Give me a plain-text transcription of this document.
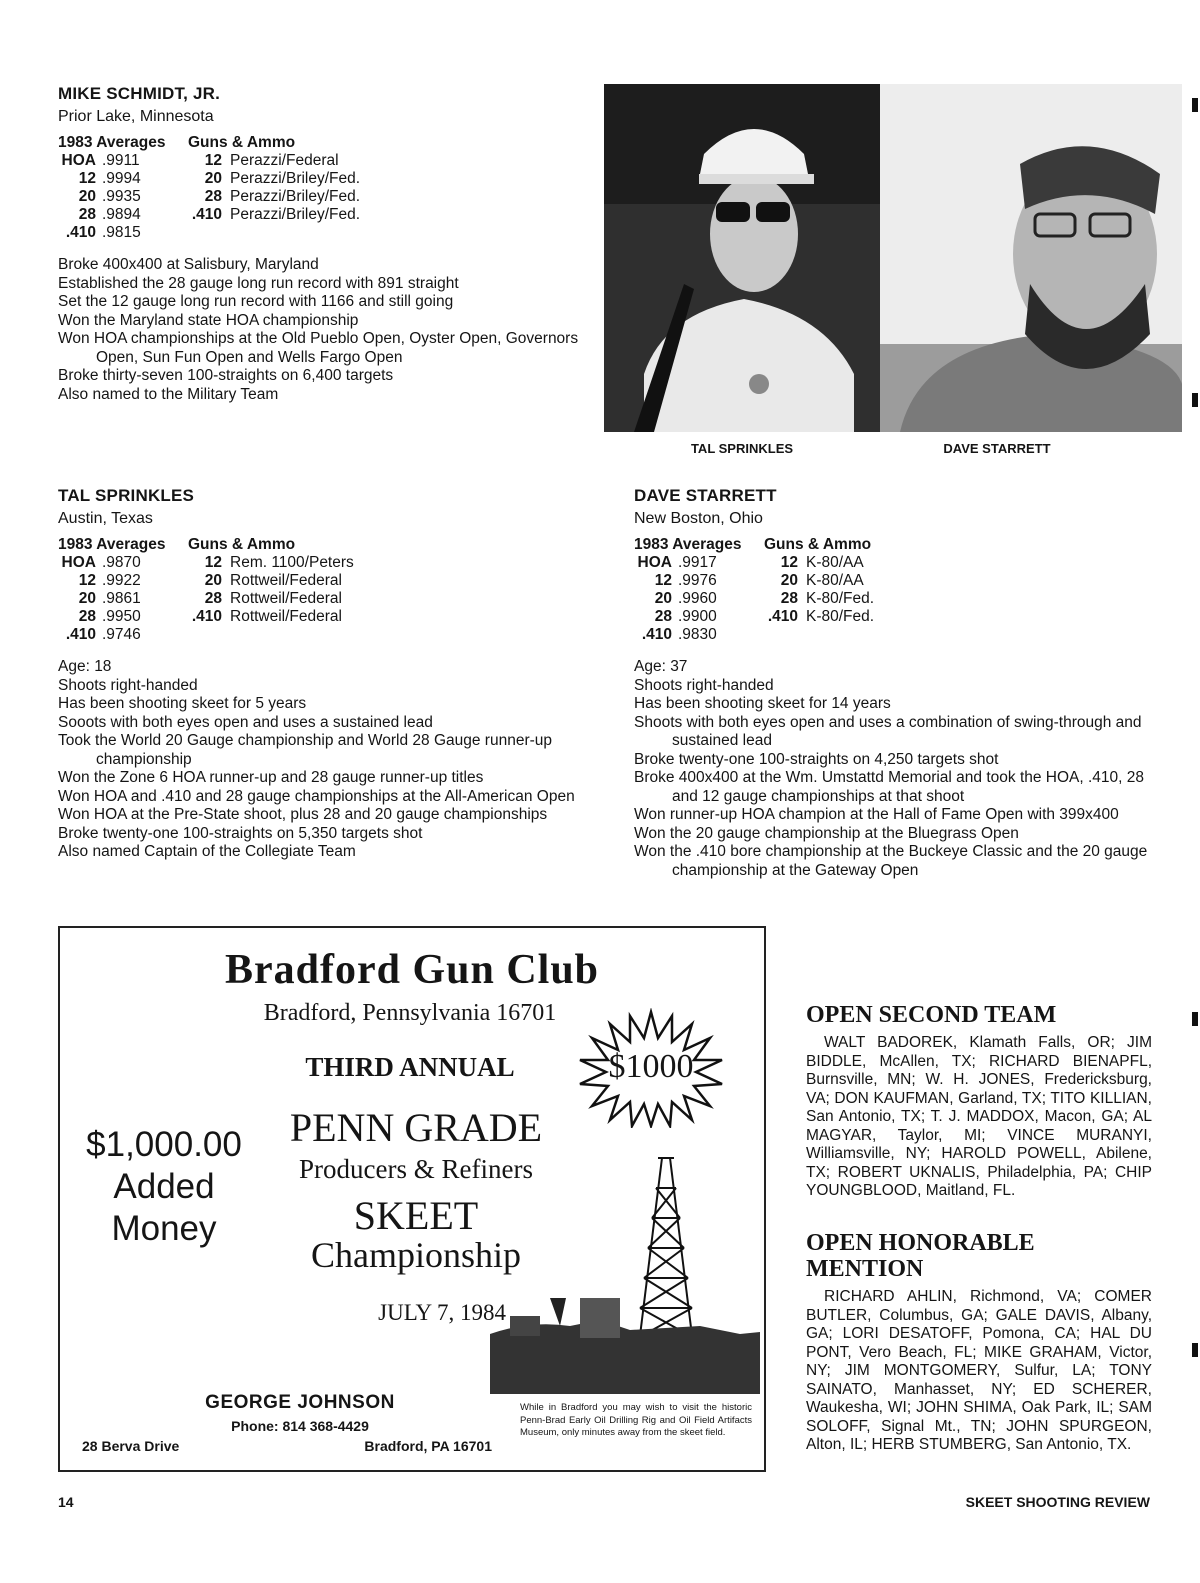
MIKE SCHMIDT, JR.
Prior Lake, Minnesota
1983 Averages		Guns & Ammo	
HOA	.9911	12	Perazzi/Federal
12	.9994	20	Perazzi/Briley/Fed.
20	.9935	28	Perazzi/Briley/Fed.
28	.9894	.410	Perazzi/Briley/Fed.
.410	.9815		
Broke 400x400 at Salisbury, Maryland
Established the 28 gauge long run record with 891 straight
Set the 12 gauge long run record with 1166 and still going
Won the Maryland state HOA championship
Won HOA championships at the Old Pueblo Open, Oyster Open, Governors Open, Sun Fun Open and Wells Fargo Open
Broke thirty-seven 100-straights on 6,400 targets
Also named to the Military Team
TAL SPRINKLES	DAVE STARRETT
TAL SPRINKLES
Austin, Texas
1983 Averages		Guns & Ammo	
HOA	.9870	12	Rem. 1100/Peters
12	.9922	20	Rottweil/Federal
20	.9861	28	Rottweil/Federal
28	.9950	.410	Rottweil/Federal
.410	.9746		
Age: 18
Shoots right-handed
Has been shooting skeet for 5 years
Sooots with both eyes open and uses a sustained lead
Took the World 20 Gauge championship and World 28 Gauge runner-up championship
Won the Zone 6 HOA runner-up and 28 gauge runner-up titles
Won HOA and .410 and 28 gauge championships at the All-American Open
Won HOA at the Pre-State shoot, plus 28 and 20 gauge championships
Broke twenty-one 100-straights on 5,350 targets shot
Also named Captain of the Collegiate Team
DAVE STARRETT
New Boston, Ohio
1983 Averages		Guns & Ammo	
HOA	.9917	12	K-80/AA
12	.9976	20	K-80/AA
20	.9960	28	K-80/Fed.
28	.9900	.410	K-80/Fed.
.410	.9830		
Age: 37
Shoots right-handed
Has been shooting skeet for 14 years
Shoots with both eyes open and uses a combination of swing-through and sustained lead
Broke twenty-one 100-straights on 4,250 targets shot
Broke 400x400 at the Wm. Umstattd Memorial and took the HOA, .410, 28 and 12 gauge championships at that shoot
Won runner-up HOA champion at the Hall of Fame Open with 399x400
Won the 20 gauge championship at the Bluegrass Open
Won the .410 bore championship at the Buckeye Classic and the 20 gauge championship at the Gateway Open
Bradford Gun Club
Bradford, Pennsylvania 16701
THIRD ANNUAL	$1000
$1,000.00
Added
Money
PENN GRADE
Producers & Refiners
SKEET
Championship
JULY 7, 1984
GEORGE JOHNSON
Phone: 814 368-4429
28 Berva Drive	Bradford, PA 16701
While in Bradford you may wish to visit the historic Penn-Brad Early Oil Drilling Rig and Oil Field Artifacts Museum, only minutes away from the skeet field.
OPEN SECOND TEAM

WALT BADOREK, Klamath Falls, OR; JIM BIDDLE, McAllen, TX; RICHARD BIENAPFL, Burnsville, MN; W. H. JONES, Fredericksburg, VA; DON KAUFMAN, Garland, TX; TITO KILLIAN, San Antonio, TX; T. J. MADDOX, Macon, GA; AL MAGYAR, Taylor, MI; VINCE MURANYI, Williamsville, NY; HAROLD POWELL, Abilene, TX; ROBERT UKNALIS, Philadelphia, PA; CHIP YOUNGBLOOD, Maitland, FL.

OPEN HONORABLE MENTION

RICHARD AHLIN, Richmond, VA; COMER BUTLER, Columbus, GA; GALE DAVIS, Albany, GA; LORI DESATOFF, Pomona, CA; HAL DU PONT, Vero Beach, FL; MIKE GRAHAM, Victor, NY; JIM MONTGOMERY, Sulfur, LA; TONY SAINATO, Manhasset, NY; ED SCHERER, Waukesha, WI; JOHN SHIMA, Oak Park, IL; SAM SOLOFF, Signal Mt., TN; JOHN SPURGEON, Alton, IL; HERB STUMBERG, San Antonio, TX.

14	SKEET SHOOTING REVIEW
